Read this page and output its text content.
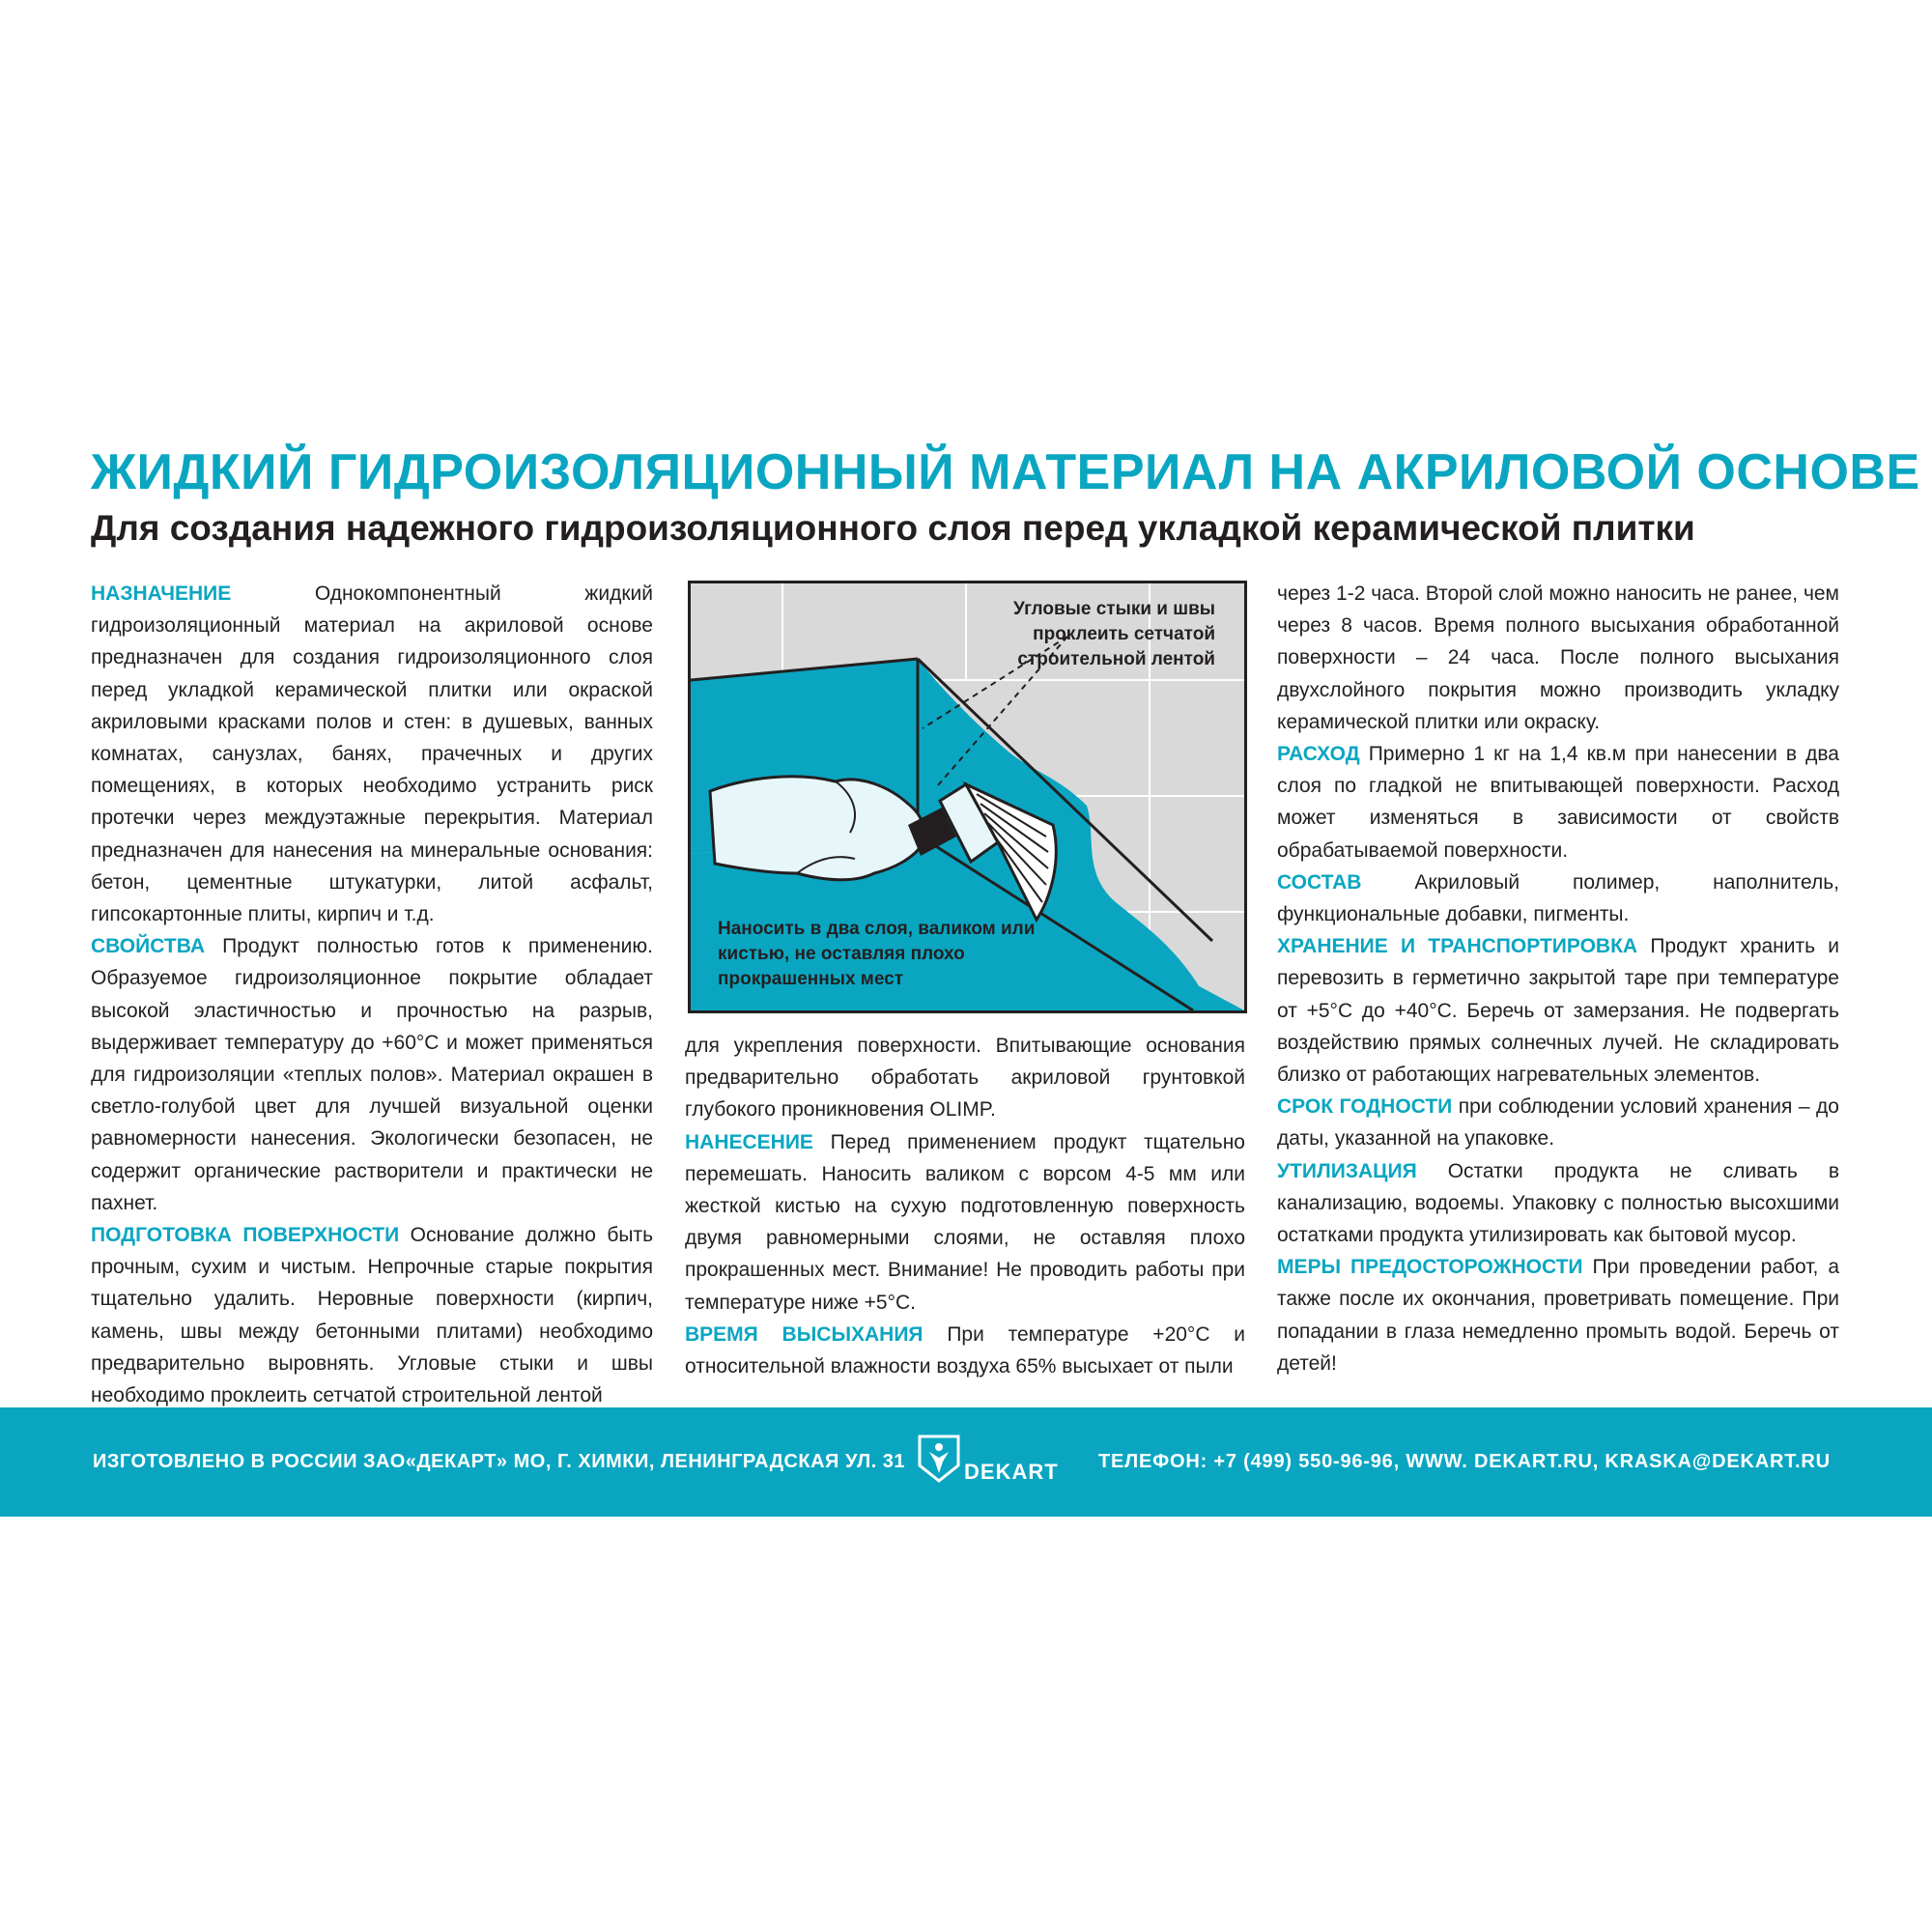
ЖИДКИЙ ГИДРОИЗОЛЯЦИОННЫЙ МАТЕРИАЛ НА АКРИЛОВОЙ ОСНОВЕ
Для создания надежного гидроизоляционного слоя перед укладкой керамической плитки

НАЗНАЧЕНИЕ Однокомпонентный жидкий гидроизоляционный материал на акриловой основе предназначен для создания гидроизоляционного слоя перед укладкой керамической плитки или окраской акриловыми красками полов и стен: в душевых, ванных комнатах, санузлах, банях, прачечных и других помещениях, в которых необходимо устранить риск протечки через междуэтажные перекрытия. Материал предназначен для нанесения на минеральные основания: бетон, цементные штукатурки, литой асфальт, гипсокартонные плиты, кирпич и т.д.

СВОЙСТВА Продукт полностью готов к применению. Образуемое гидроизоляционное покрытие обладает высокой эластичностью и прочностью на разрыв, выдерживает температуру до +60°C и может применяться для гидроизоляции «теплых полов». Материал окрашен в светло-голубой цвет для лучшей визуальной оценки равномерности нанесения. Экологически безопасен, не содержит органические растворители и практически не пахнет.

ПОДГОТОВКА ПОВЕРХНОСТИ Основание должно быть прочным, сухим и чистым. Непрочные старые покрытия тщательно удалить. Неровные поверхности (кирпич, камень, швы между бетонными плитами) необходимо предварительно выровнять. Угловые стыки и швы необходимо проклеить сетчатой строительной лентой

Угловые стыки и швы проклеить сетчатой строительной лентой
Наносить в два слоя, валиком или кистью, не оставляя плохо прокрашенных мест

для укрепления поверхности. Впитывающие основания предварительно обработать акриловой грунтовкой глубокого проникновения OLIMP.

НАНЕСЕНИЕ Перед применением продукт тщательно перемешать. Наносить валиком с ворсом 4-5 мм или жесткой кистью на сухую подготовленную поверхность двумя равномерными слоями, не оставляя плохо прокрашенных мест. Внимание! Не проводить работы при температуре ниже +5°C.

ВРЕМЯ ВЫСЫХАНИЯ При температуре +20°C и относительной влажности воздуха 65% высыхает от пыли

через 1-2 часа. Второй слой можно наносить не ранее, чем через 8 часов. Время полного высыхания обработанной поверхности – 24 часа. После полного высыхания двухслойного покрытия можно производить укладку керамической плитки или окраску.

РАСХОД Примерно 1 кг на 1,4 кв.м при нанесении в два слоя по гладкой не впитывающей поверхности. Расход может изменяться в зависимости от свойств обрабатываемой поверхности.

СОСТАВ Акриловый полимер, наполнитель, функциональные добавки, пигменты.

ХРАНЕНИЕ И ТРАНСПОРТИРОВКА Продукт хранить и перевозить в герметично закрытой таре при температуре от +5°C до +40°C. Беречь от замерзания. Не подвергать воздействию прямых солнечных лучей. Не складировать близко от работающих нагревательных элементов.

СРОК ГОДНОСТИ при соблюдении условий хранения – до даты, указанной на упаковке.

УТИЛИЗАЦИЯ Остатки продукта не сливать в канализацию, водоемы. Упаковку с полностью высохшими остатками продукта утилизировать как бытовой мусор.

МЕРЫ ПРЕДОСТОРОЖНОСТИ При проведении работ, а также после их окончания, проветривать помещение. При попадании в глаза немедленно промыть водой. Беречь от детей!

ИЗГОТОВЛЕНО В РОССИИ ЗАО«ДЕКАРТ» МО, Г. ХИМКИ, ЛЕНИНГРАДСКАЯ УЛ. 31	DEKART ТЕЛЕФОН: +7 (499) 550-96-96, WWW. DEKART.RU, KRASKA@DEKART.RU
